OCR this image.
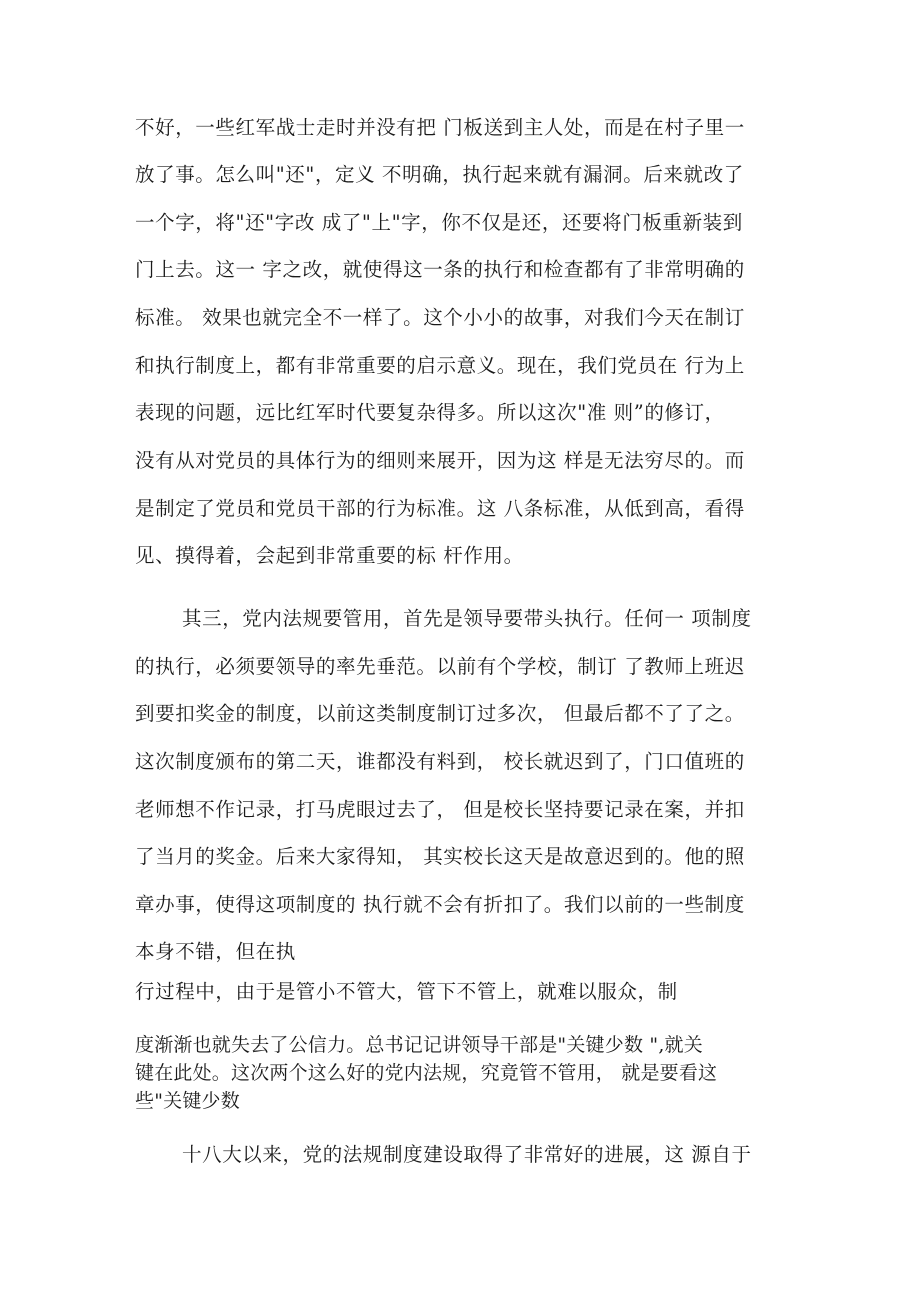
不好，一些红军战士走时并没有把 门板送到主人处，而是在村子里一
放了事。怎么叫"还"，定义 不明确，执行起来就有漏洞。后来就改了
一个字，将"还"字改 成了"上"字，你不仅是还，还要将门板重新装到
门上去。这一 字之改，就使得这一条的执行和检查都有了非常明确的
标准。 效果也就完全不一样了。这个小小的故事，对我们今天在制订
和执行制度上，都有非常重要的启示意义。现在，我们党员在 行为上
表现的问题，远比红军时代要复杂得多。所以这次"准 则”的修订，
没有从对党员的具体行为的细则来展开，因为这 样是无法穷尽的。而
是制定了党员和党员干部的行为标准。这 八条标准，从低到高，看得
见、摸得着，会起到非常重要的标 杆作用。
其三，党内法规要管用，首先是领导要带头执行。任何一 项制度
的执行，必须要领导的率先垂范。以前有个学校，制订 了教师上班迟
到要扣奖金的制度，以前这类制度制订过多次， 但最后都不了了之。
这次制度颁布的第二天，谁都没有料到， 校长就迟到了，门口值班的
老师想不作记录，打马虎眼过去了， 但是校长坚持要记录在案，并扣
了当月的奖金。后来大家得知， 其实校长这天是故意迟到的。他的照
章办事，使得这项制度的 执行就不会有折扣了。我们以前的一些制度
本身不错，但在执
行过程中，由于是管小不管大，管下不管上，就难以服众，制
度渐渐也就失去了公信力。总书记记讲领导干部是"关键少数 ",就关
键在此处。这次两个这么好的党内法规，究竟管不管用， 就是要看这
些"关键少数
十八大以来，党的法规制度建设取得了非常好的进展，这 源自于
